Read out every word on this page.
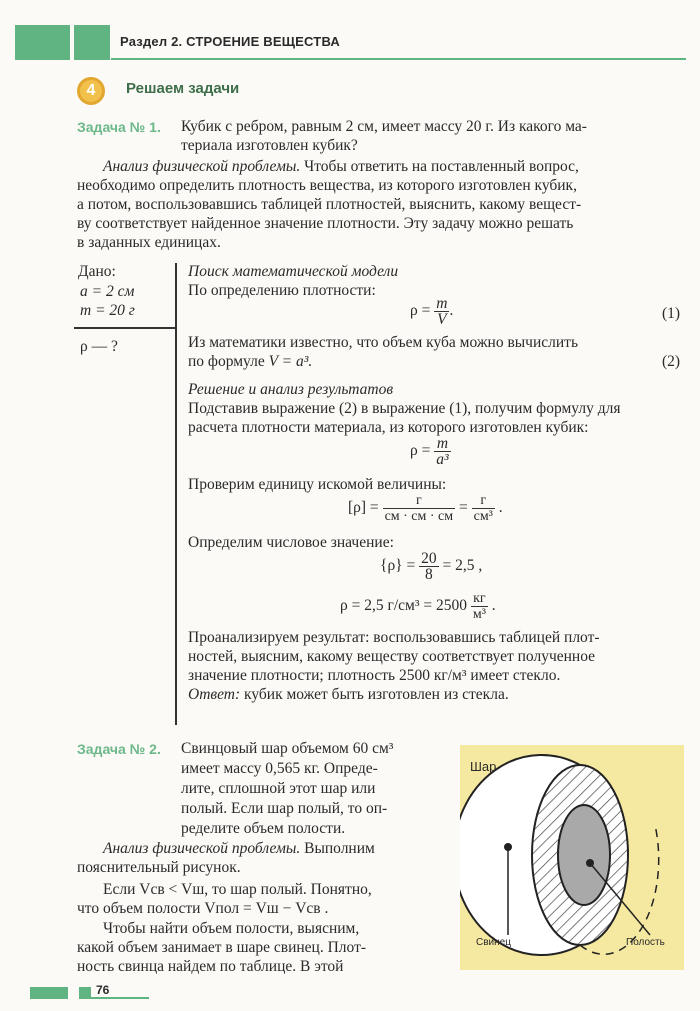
Раздел 2. СТРОЕНИЕ ВЕЩЕСТВА
4	Решаем задачи
Задача № 1. Кубик с ребром, равным 2 см, имеет массу 20 г. Из какого ма-
териала изготовлен кубик?
Анализ физической проблемы. Чтобы ответить на поставленный вопрос,
необходимо определить плотность вещества, из которого изготовлен кубик,
а потом, воспользовавшись таблицей плотностей, выяснить, какому вещест-
ву соответствует найденное значение плотности. Эту задачу можно решать
в заданных единицах.
Дано:
a = 2 см
m = 20 г
ρ — ?
Поиск математической модели
По определению плотности:
$\rho = \frac{m}{V}$ .	(1)
Из математики известно, что объем куба можно вычислить
по формуле V = a³.	(2)
Решение и анализ результатов
Подставив выражение (2) в выражение (1), получим формулу для
расчета плотности материала, из которого изготовлен кубик:
$\rho = \frac{m}{\text{a³}}$
Проверим единицу искомой величины:
$[\rho] = \frac{г}{см \cdot см \cdot см} = \frac{г}{\text{см³}}$ .
Определим числовое значение:
$\{\rho\} = \frac{20}{8} = 2,5$ ,
ρ = 2,5 $г/см^3 = 2500 \frac{кг}{\text{м³}}$ .
Проанализируем результат: воспользовавшись таблицей плот-
ностей, выясним, какому веществу соответствует полученное
значение плотности; плотность 2500 кг/м³ имеет стекло.
Ответ: кубик может быть изготовлен из стекла.
Задача № 2. Свинцовый шар объемом 60 см³
имеет массу 0,565 кг. Опреде-
лите, сплошной этот шар или
полый. Если шар полый, то оп-
ределите объем полости.
Анализ физической проблемы. Выполним
пояснительный рисунок.
Если Vсв < Vш, то шар полый. Понятно,
что объем полости Vпол = Vш − Vсв .
Чтобы найти объем полости, выясним,
какой объем занимает в шаре свинец. Плот-
ность свинца найдем по таблице. В этой
Шар
Свинец	Полость
76
